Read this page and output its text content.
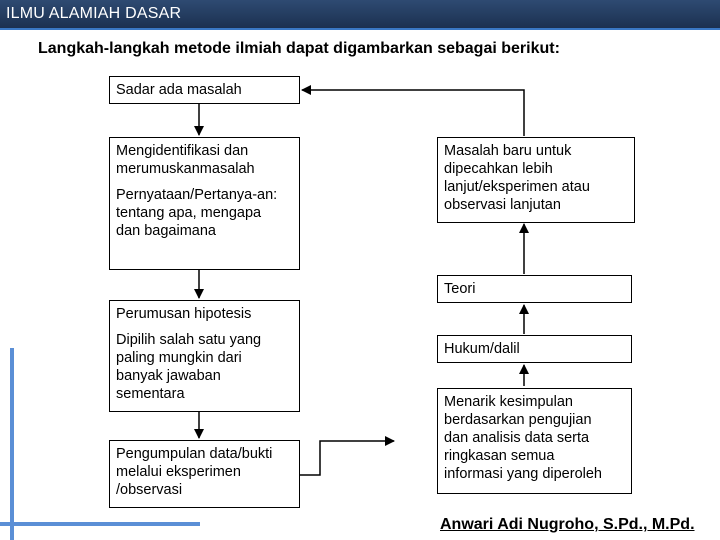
ILMU ALAMIAH DASAR
Langkah-langkah metode ilmiah dapat digambarkan sebagai berikut:
Sadar ada masalah
Mengidentifikasi dan
merumuskanmasalah
Pernyataan/Pertanya-an:
tentang apa, mengapa
dan bagaimana
Perumusan hipotesis
Dipilih salah satu yang
paling mungkin dari
banyak jawaban
sementara
Pengumpulan data/bukti
melalui eksperimen
/observasi
Masalah baru untuk
dipecahkan lebih
lanjut/eksperimen atau
observasi lanjutan
Teori
Hukum/dalil
Menarik kesimpulan
berdasarkan pengujian
dan analisis data serta
ringkasan semua
informasi yang diperoleh
Anwari Adi Nugroho, S.Pd., M.Pd.
